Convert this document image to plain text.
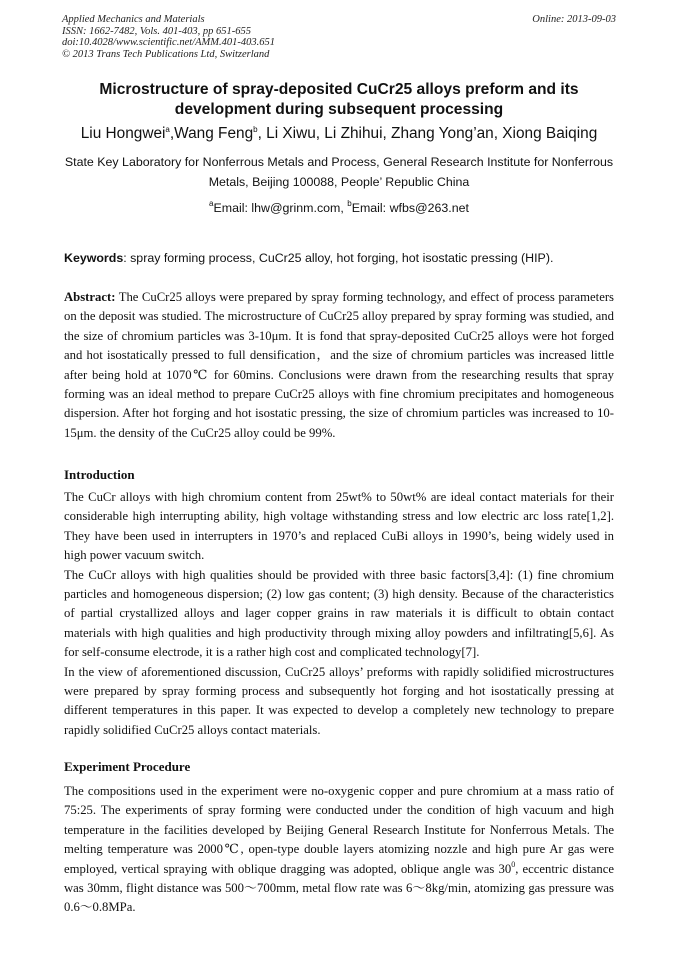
Applied Mechanics and Materials
ISSN: 1662-7482, Vols. 401-403, pp 651-655
doi:10.4028/www.scientific.net/AMM.401-403.651
© 2013 Trans Tech Publications Ltd, Switzerland
Online: 2013-09-03
Microstructure of spray-deposited CuCr25 alloys preform and its development during subsequent processing
Liu Hongwei$^a$,Wang Feng$^b$, Li Xiwu, Li Zhihui, Zhang Yong’an, Xiong Baiqing
State Key Laboratory for Nonferrous Metals and Process, General Research Institute for Nonferrous Metals, Beijing 100088, People’ Republic China
$^a$Email: lhw@grinm.com, $^b$Email: wfbs@263.net
Keywords: spray forming process, CuCr25 alloy, hot forging, hot isostatic pressing (HIP).
Abstract: The CuCr25 alloys were prepared by spray forming technology, and effect of process parameters on the deposit was studied. The microstructure of CuCr25 alloy prepared by spray forming was studied, and the size of chromium particles was 3-10μm. It is fond that spray-deposited CuCr25 alloys were hot forged and hot isostatically pressed to full densification，and the size of chromium particles was increased little after being hold at 1070℃ for 60mins. Conclusions were drawn from the researching results that spray forming was an ideal method to prepare CuCr25 alloys with fine chromium precipitates and homogeneous dispersion. After hot forging and hot isostatic pressing, the size of chromium particles was increased to 10-15μm. the density of the CuCr25 alloy could be 99%.
Introduction

The CuCr alloys with high chromium content from 25wt% to 50wt% are ideal contact materials for their considerable high interrupting ability, high voltage withstanding stress and low electric arc loss rate[1,2]. They have been used in interrupters in 1970’s and replaced CuBi alloys in 1990’s, being widely used in high power vacuum switch.

The CuCr alloys with high qualities should be provided with three basic factors[3,4]: (1) fine chromium particles and homogeneous dispersion; (2) low gas content; (3) high density. Because of the characteristics of partial crystallized alloys and lager copper grains in raw materials it is difficult to obtain contact materials with high qualities and high productivity through mixing alloy powders and infiltrating[5,6]. As for self-consume electrode, it is a rather high cost and complicated technology[7].

In the view of aforementioned discussion, CuCr25 alloys’ preforms with rapidly solidified microstructures were prepared by spray forming process and subsequently hot forging and hot isostatically pressing at different temperatures in this paper. It was expected to develop a completely new technology to prepare rapidly solidified CuCr25 alloys contact materials.

Experiment Procedure

The compositions used in the experiment were no-oxygenic copper and pure chromium at a mass ratio of 75:25. The experiments of spray forming were conducted under the condition of high vacuum and high temperature in the facilities developed by Beijing General Research Institute for Nonferrous Metals. The melting temperature was 2000℃, open-type double layers atomizing nozzle and high pure Ar gas were employed, vertical spraying with oblique dragging was adopted, oblique angle was $30^0$, eccentric distance was 30mm, flight distance was 500～700mm, metal flow rate was 6～8kg/min, atomizing gas pressure was 0.6～0.8MPa.
